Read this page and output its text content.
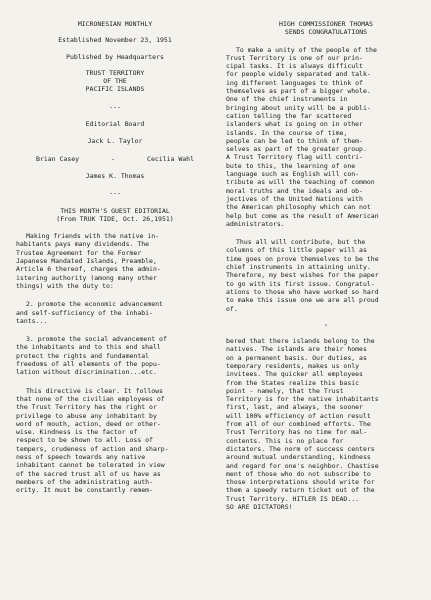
MICRONESIAN MONTHLY
Established November 23, 1951
Published by Headquarters
TRUST TERRITORY
OF THE
PACIFIC ISLANDS
---
Editorial Board
Jack L. Taylor
Brian Casey	-	Cecilia Wahl
James K. Thomas
---
THIS MONTH'S GUEST EDITORIAL
(From TRUK TIDE, Oct. 26,1951)
Making friends with the native in-
habitants pays many dividends. The
Trustee Agreement for the Former
Japanese Mandated Islands, Preamble,
Article 6 thereof, charges the admin-
istering authority (among many other
things) with the duty to:
2. promote the economic advancement
and self-sufficiency of the inhabi-
tants...
3. promote the social advancement of
the inhabitants and to this end shall
protect the rights and fundamental
freedoms of all elements of the popu-
lation without discrimination...etc.
This directive is clear. It follows
that none of the civilian employees of
the Trust Territory has the right or
privilege to abuse any inhabitant by
word of mouth, action, deed or other-
wise. Kindness is the factor of
respect to be shown to all. Loss of
tempers, crudeness of action and sharp-
ness of speech towards any native
inhabitant cannot be tolerated in view
of the sacred trust all of us have as
members of the administrating auth-
ority. It must be constantly remem-
HIGH COMMISSIONER THOMAS
SENDS CONGRATULATIONS
To make a unity of the people of the
Trust Territory is one of our prin-
cipal tasks. It is always difficult
for people widely separated and talk-
ing different languages to think of
themselves as part of a bigger whole.
One of the chief instruments in
bringing about unity will be a publi-
cation telling the far scattered
islanders what is going on in other
islands. In the course of time,
people can be led to think of them-
selves as part of the greater group.
A Trust Territory flag will contri-
bute to this, the learning of one
language such as English will con-
tribute as will the teaching of common
moral truths and the ideals and ob-
jectives of the United Nations with
the American philosophy which can not
help but come as the result of American
administrators.
Thus all will contribute, but the
columns of this little paper will as
time goes on prove themselves to be the
chief instruments in attaining unity.
Therefore, my best wishes for the paper
to go with its first issue. Congratul-
ations to those who have worked so hard
to make this issue one we are all proud
of.
*
bered that there islands belong to the
natives. The islands are their homes
on a permanent basis. Our duties, as
temporary residents, makes us only
invitees. The quicker all employees
from the States realize this basic
point - namely, that the Trust
Territory is for the native inhabitants
first, last, and always, the sooner
will 100% efficiency of action result
from all of our combined efforts. The
Trust Territory has no time for mal-
contents. This is no place for
dictators. The norm of success centers
around mutual understanding, kindness
and regard for one's neighbor. Chastise
ment of those who do not subscribe to
those interpretations should write for
them a speedy return ticket out of the
Trust Territory. HITLER IS DEAD...
SO ARE DICTATORS!
